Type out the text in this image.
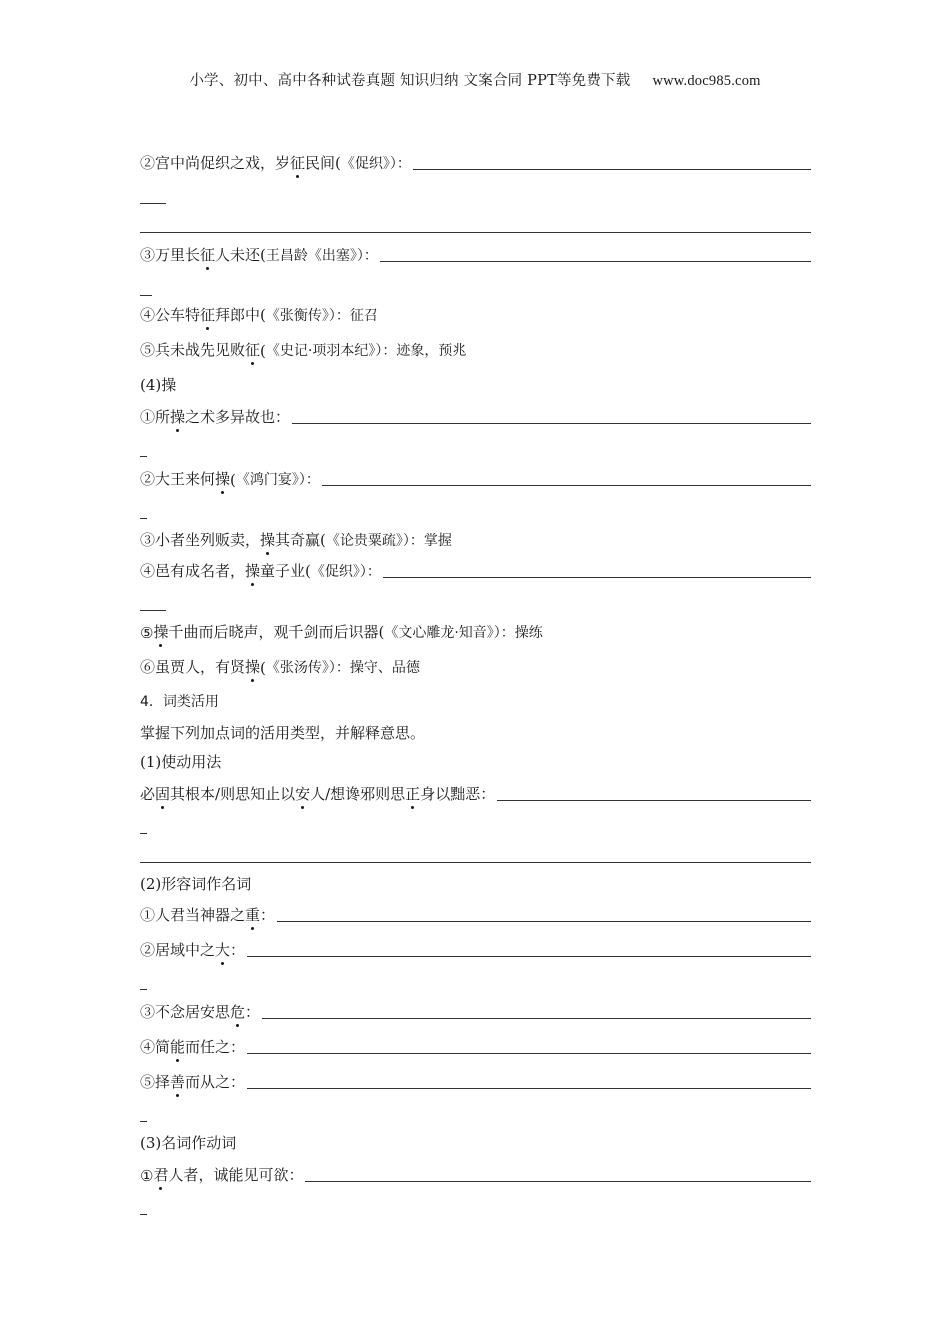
小学、初中、高中各种试卷真题 知识归纳 文案合同 PPT等免费下载 www.doc985.com
②宫中尚促织之戏，岁 征 民间( 《促织》）：
③万里长 征 人未还( 王昌龄《出塞》）：
④公车特 征 拜郎中( 《张衡传》）：征召
⑤兵未战先见败 征 ( 《史记·项羽本纪》）：迹象，预兆
(4)操
①所 操 之术多异故也：
②大王来何 操 ( 《鸿门宴》）：
③小者坐列贩卖， 操 其奇赢( 《论贵粟疏》）：掌握
④邑有成名者， 操 童子业( 《促织》）：
⑤ 操 千曲而后晓声，观千剑而后识器( 《文心雕龙·知音》）：操练
⑥虽贾人，有贤 操 ( 《张汤传》）：操守、品德
4．词类活用
掌握下列加点词的活用类型，并解释意思。
(1)使动用法
必 固 其根本/则思知止以 安 人/想谗邪则思 正 身以黜恶：
(2)形容词作名词
①人君当神器之 重 ：
②居域中之 大 ：
③不念居安思 危 ：
④简 能 而任之：
⑤择 善 而从之：
(3)名词作动词
① 君 人者，诚能见可欲：
